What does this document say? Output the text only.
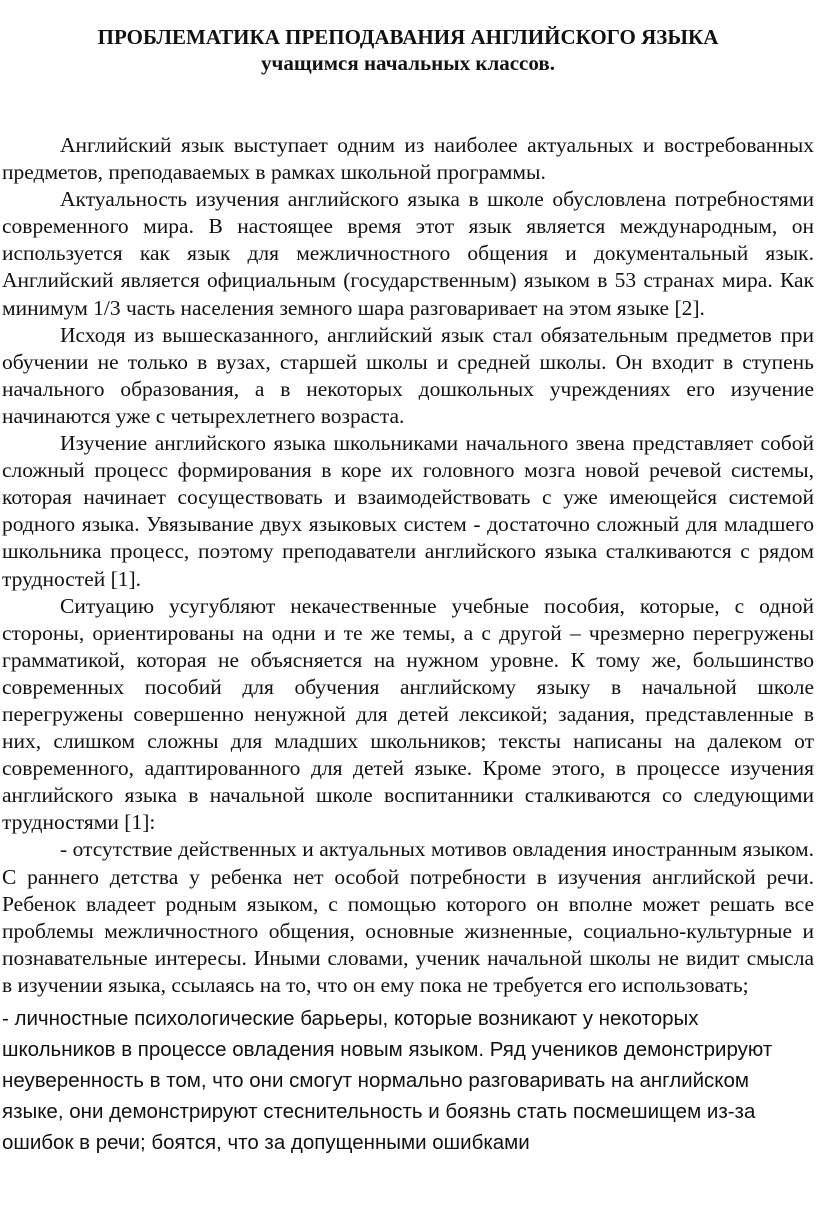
ПРОБЛЕМАТИКА ПРЕПОДАВАНИЯ АНГЛИЙСКОГО ЯЗЫКА
учащимся начальных классов.

Английский язык выступает одним из наиболее актуальных и востребованных предметов, преподаваемых в рамках школьной программы.

Актуальность изучения английского языка в школе обусловлена потребностями современного мира. В настоящее время этот язык является международным, он используется как язык для межличностного общения и документальный язык. Английский является официальным (государственным) языком в 53 странах мира. Как минимум 1/3 часть населения земного шара разговаривает на этом языке [2].

Исходя из вышесказанного, английский язык стал обязательным предметов при обучении не только в вузах, старшей школы и средней школы. Он входит в ступень начального образования, а в некоторых дошкольных учреждениях его изучение начинаются уже с четырехлетнего возраста.

Изучение английского языка школьниками начального звена представляет собой сложный процесс формирования в коре их головного мозга новой речевой системы, которая начинает сосуществовать и взаимодействовать с уже имеющейся системой родного языка. Увязывание двух языковых систем - достаточно сложный для младшего школьника процесс, поэтому преподаватели английского языка сталкиваются с рядом трудностей [1].

Ситуацию усугубляют некачественные учебные пособия, которые, с одной стороны, ориентированы на одни и те же темы, а с другой – чрезмерно перегружены грамматикой, которая не объясняется на нужном уровне. К тому же, большинство современных пособий для обучения английскому языку в начальной школе перегружены совершенно ненужной для детей лексикой; задания, представленные в них, слишком сложны для младших школьников; тексты написаны на далеком от современного, адаптированного для детей языке. Кроме этого, в процессе изучения английского языка в начальной школе воспитанники сталкиваются со следующими трудностями [1]:

- отсутствие действенных и актуальных мотивов овладения иностранным языком. С раннего детства у ребенка нет особой потребности в изучения английской речи. Ребенок владеет родным языком, с помощью которого он вполне может решать все проблемы межличностного общения, основные жизненные, социально-культурные и познавательные интересы. Иными словами, ученик начальной школы не видит смысла в изучении языка, ссылаясь на то, что он ему пока не требуется его использовать;

- личностные психологические барьеры, которые возникают у некоторых школьников в процессе овладения новым языком. Ряд учеников демонстрируют неуверенность в том, что они смогут нормально разговаривать на английском языке, они демонстрируют стеснительность и боязнь стать посмешищем из-за ошибок в речи; боятся, что за допущенными ошибками
